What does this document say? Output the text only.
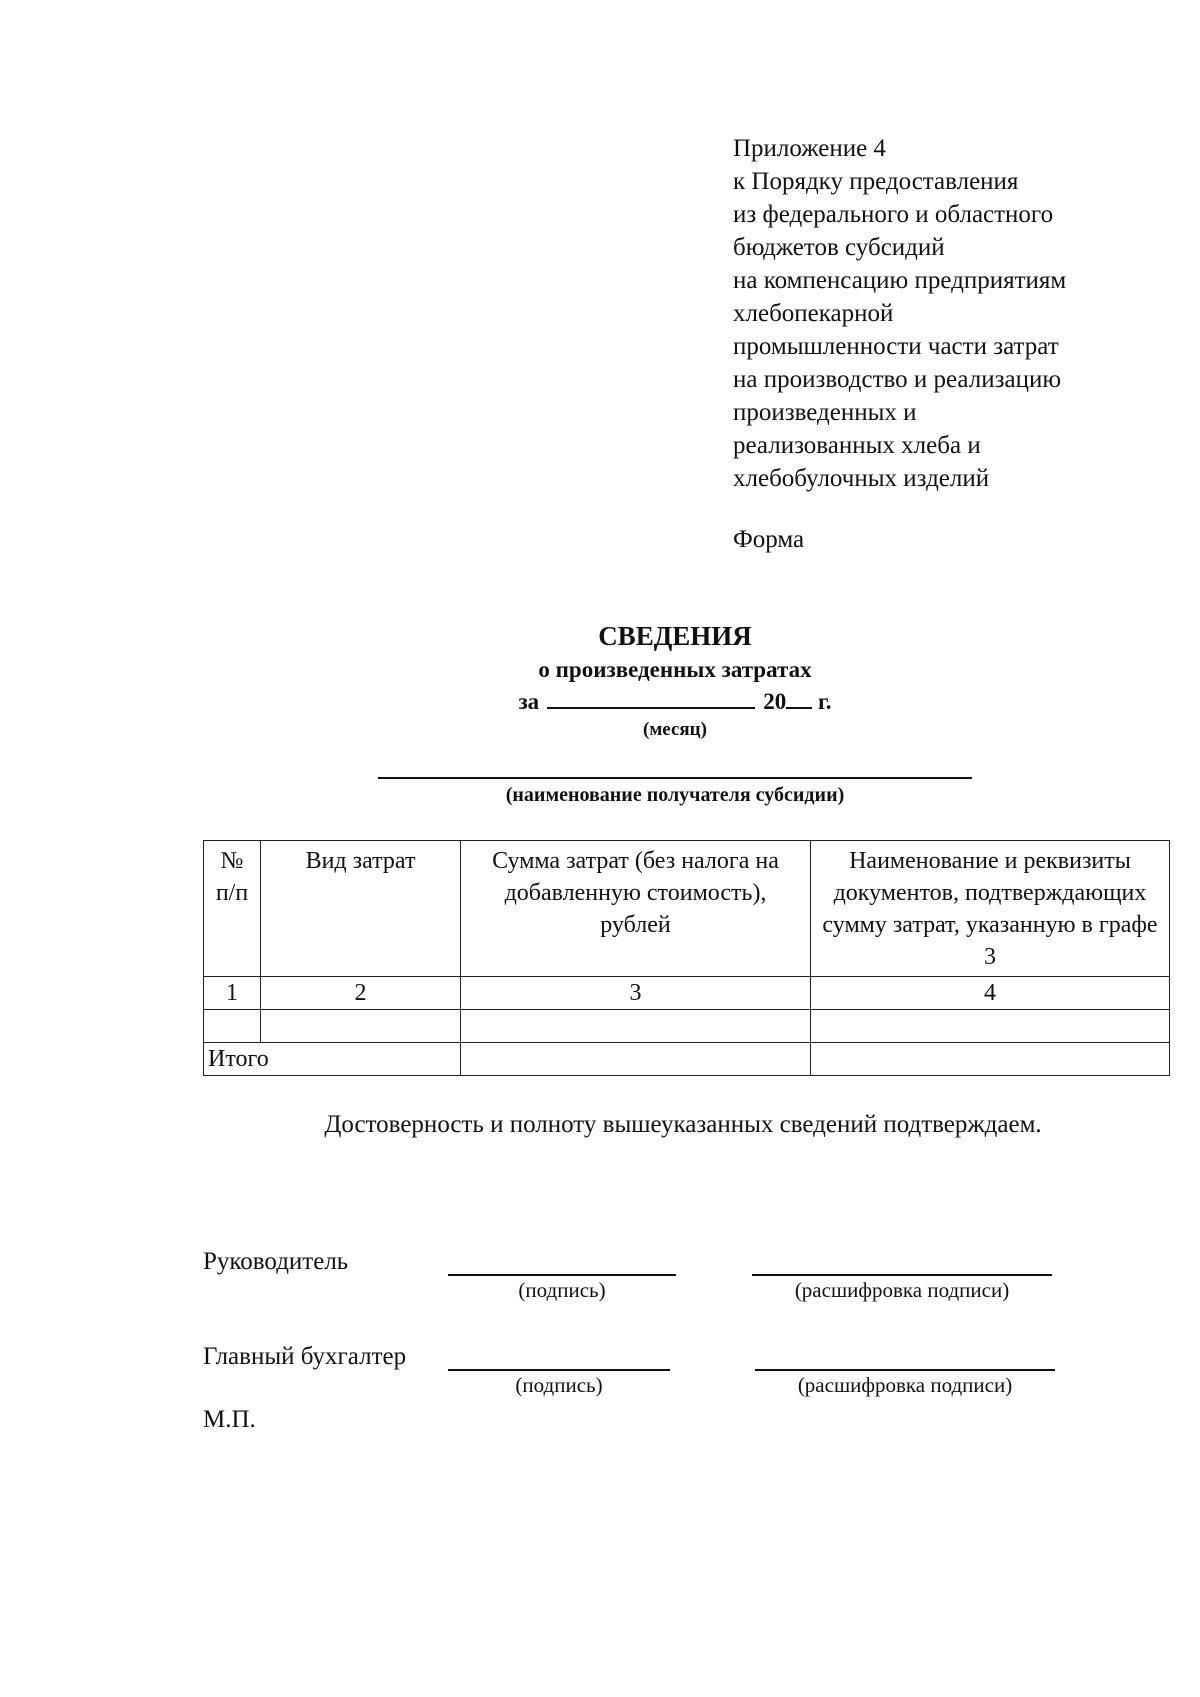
Приложение 4
к Порядку предоставления
из федерального и областного
бюджетов субсидий
на компенсацию предприятиям
хлебопекарной
промышленности части затрат
на производство и реализацию
произведенных и
реализованных хлеба и
хлебобулочных изделий
Форма
СВЕДЕНИЯ
о произведенных затратах
за	20 г.
(месяц)
(наименование получателя субсидии)
№ п/п	Вид затрат	Сумма затрат (без налога на добавленную стоимость), рублей	Наименование и реквизиты документов, подтверждающих сумму затрат, указанную в графе 3
1	2	3	4

Итого			
Достоверность и полноту вышеуказанных сведений подтверждаем.
Руководитель
(подпись)	(расшифровка подписи)
Главный бухгалтер
(подпись)	(расшифровка подписи)
М.П.
